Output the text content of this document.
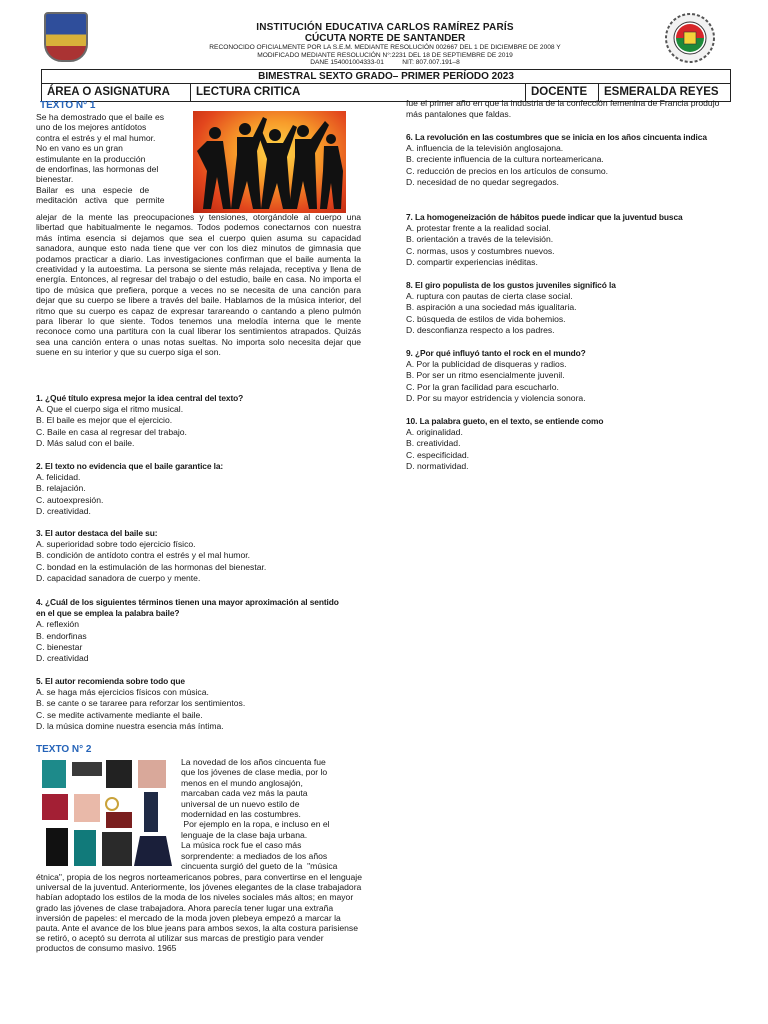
INSTITUCIÓN EDUCATIVA CARLOS RAMÍREZ PARÍS
CÚCUTA NORTE DE SANTANDER
RECONOCIDO OFICIALMENTE POR LA S.E.M. MEDIANTE RESOLUCIÓN 002667 DEL 1 DE DICIEMBRE DE 2008 Y
MODIFICADO MEDIANTE RESOLUCIÓN N°:2231 DEL 18 DE SEPTIEMBRE DE 2019
DANE 154001004333-01          NIT: 807.007.191–8
BIMESTRAL SEXTO GRADO– PRIMER PERÍODO 2023
ÁREA O ASIGNATURA	LECTURA CRITICA	DOCENTE	ESMERALDA REYES
TEXTO N° 1
Se ha demostrado que el baile es
uno de los mejores antídotos
contra el estrés y el mal humor.
No en vano es un gran
estimulante en la producción
de endorfinas, las hormonas del
bienestar.
Bailar   es   una   especie   de
meditación   activa   que   permite
alejar de la mente las preocupaciones y tensiones, otorgándole al cuerpo una libertad que habitualmente le negamos. Todos podemos conectarnos con nuestra más íntima esencia si dejamos que sea el cuerpo quien asuma su capacidad sanadora, aunque esto nada tiene que ver con los diez minutos de gimnasia que podamos practicar a diario. Las investigaciones confirman que el baile aumenta la creatividad y la autoestima. La persona se siente más relajada, receptiva y llena de energía. Entonces, al regresar del trabajo o del estudio, baile en casa. No importa el tipo de música que prefiera, porque a veces no se necesita de una canción para dejar que su cuerpo se libere a través del baile. Hablamos de la música interior, del ritmo que su cuerpo es capaz de expresar tarareando o cantando a pleno pulmón para liberar lo que siente. Todos tenemos una melodía interna que le mente reconoce como una partitura con la cual liberar los sentimientos atrapados. Quizás sea una canción entera o unas notas sueltas. No importa solo necesita dejar que suene en su interior y que su cuerpo siga el son.
1. ¿Qué título expresa mejor la idea central del texto?
A. Que el cuerpo siga el ritmo musical.
B. El baile es mejor que el ejercicio.
C. Baile en casa al regresar del trabajo.
D. Más salud con el baile.
2. El texto no evidencia que el baile garantice la:
A. felicidad.
B. relajación.
C. autoexpresión.
D. creatividad.
3. El autor destaca del baile su:
A. superioridad sobre todo ejercicio físico.
B. condición de antídoto contra el estrés y el mal humor.
C. bondad en la estimulación de las hormonas del bienestar.
D. capacidad sanadora de cuerpo y mente.
4. ¿Cuál de los siguientes términos tienen una mayor aproximación al sentido en el que se emplea la palabra baile?
A. reflexión
B. endorfinas
C. bienestar
D. creatividad
5. El autor recomienda sobre todo que
A. se haga más ejercicios físicos con música.
B. se cante o se tararee para reforzar los sentimientos.
C. se medite activamente mediante el baile.
D. la música domine nuestra esencia más íntima.
TEXTO N° 2
La novedad de los años cincuenta fue
que los jóvenes de clase media, por lo
menos en el mundo anglosajón,
marcaban cada vez más la pauta
universal de un nuevo estilo de
modernidad en las costumbres.
Por ejemplo en la ropa, e incluso en el
lenguaje de la clase baja urbana.
La música rock fue el caso más
sorprendente: a mediados de los años
cincuenta surgió del gueto de la  "música
étnica", propia de los negros norteamericanos pobres, para convertirse en el lenguaje universal de la juventud. Anteriormente, los jóvenes elegantes de la clase trabajadora habían adoptado los estilos de la moda de los niveles sociales más altos; en mayor grado las jóvenes de clase trabajadora. Ahora parecía tener lugar una extraña inversión de papeles: el mercado de la moda joven plebeya empezó a marcar la pauta. Ante el avance de los blue jeans para ambos sexos, la alta costura parisiense se retiró, o aceptó su derrota al utilizar sus marcas de prestigio para vender productos de consumo masivo. 1965
fue el primer año en que la industria de la confección femenina de Francia produjo más pantalones que faldas.
6. La revolución en las costumbres que se inicia en los años cincuenta indica
A. influencia de la televisión anglosajona.
B. creciente influencia de la cultura norteamericana.
C. reducción de precios en los artículos de consumo.
D. necesidad de no quedar segregados.
7. La homogeneización de hábitos puede indicar que la juventud busca
A. protestar frente a la realidad social.
B. orientación a través de la televisión.
C. normas, usos y costumbres nuevos.
D. compartir experiencias inéditas.
8. El giro populista de los gustos juveniles significó la
A. ruptura con pautas de cierta clase social.
B. aspiración a una sociedad más igualitaria.
C. búsqueda de estilos de vida bohemios.
D. desconfianza respecto a los padres.
9. ¿Por qué influyó tanto el rock en el mundo?
A. Por la publicidad de disqueras y radios.
B. Por ser un ritmo esencialmente juvenil.
C. Por la gran facilidad para escucharlo.
D. Por su mayor estridencia y violencia sonora.
10. La palabra gueto, en el texto, se entiende como
A. originalidad.
B. creatividad.
C. especificidad.
D. normatividad.
